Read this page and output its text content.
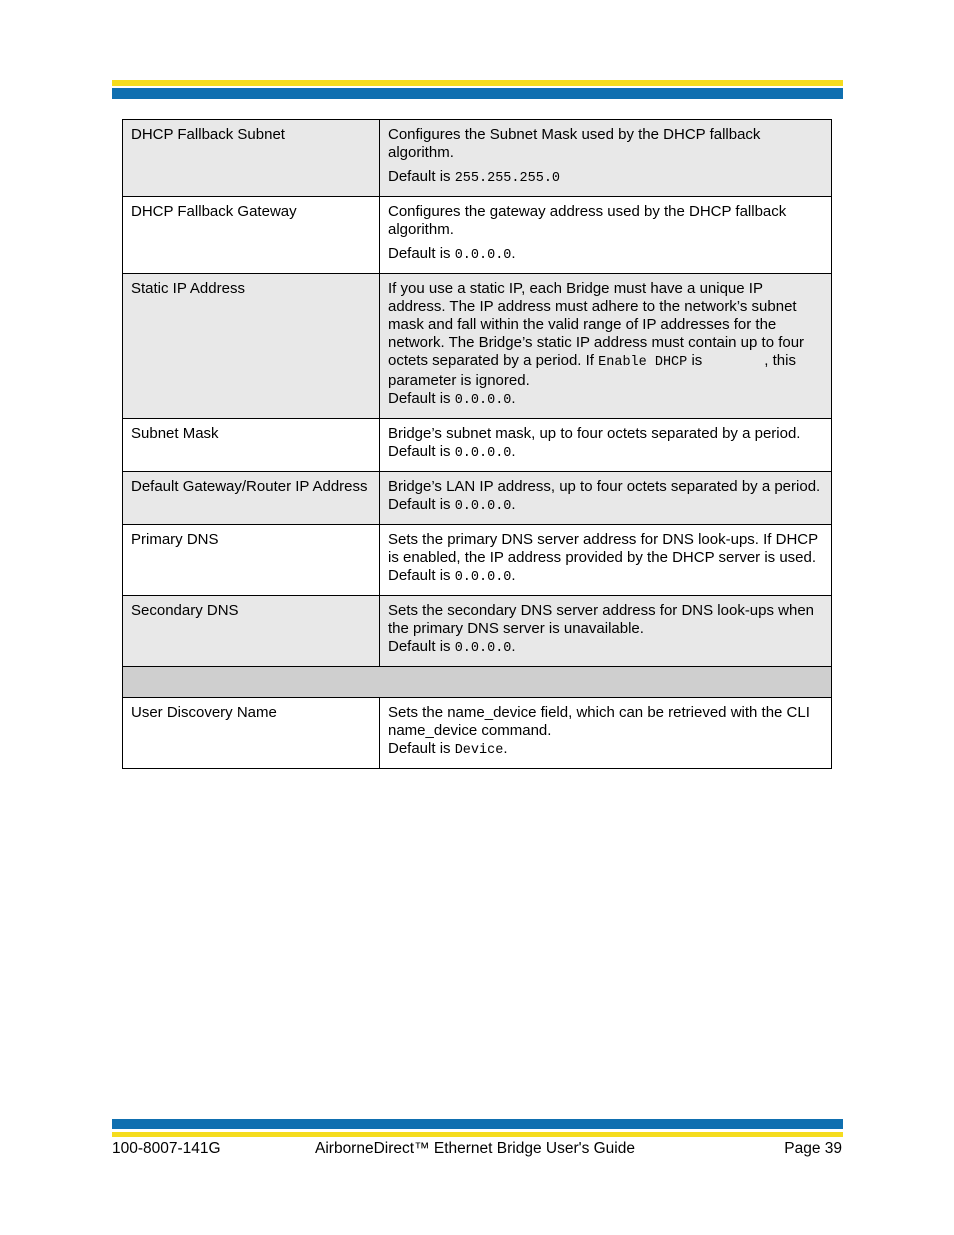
DHCP Fallback Subnet	Configures the Subnet Mask used by the DHCP fallback algorithm.
Default is 255.255.255.0
DHCP Fallback Gateway	Configures the gateway address used by the DHCP fallback algorithm.
Default is 0.0.0.0.
Static IP Address	If you use a static IP, each Bridge must have a unique IP address. The IP address must adhere to the network’s subnet mask and fall within the valid range of IP addresses for the network. The Bridge’s static IP address must contain up to four octets separated by a period. If Enable DHCP is , this parameter is ignored.
Default is 0.0.0.0.
Subnet Mask	Bridge’s subnet mask, up to four octets separated by a period.
Default is 0.0.0.0.
Default Gateway/Router IP Address	Bridge’s LAN IP address, up to four octets separated by a period.
Default is 0.0.0.0.
Primary DNS	Sets the primary DNS server address for DNS look-ups. If DHCP is enabled, the IP address provided by the DHCP server is used.
Default is 0.0.0.0.
Secondary DNS	Sets the secondary DNS server address for DNS look-ups when the primary DNS server is unavailable.
Default is 0.0.0.0.

User Discovery Name	Sets the name_device field, which can be retrieved with the CLI name_device command.
Default is Device.
100-8007-141G	AirborneDirect™ Ethernet Bridge User's Guide	Page 39
